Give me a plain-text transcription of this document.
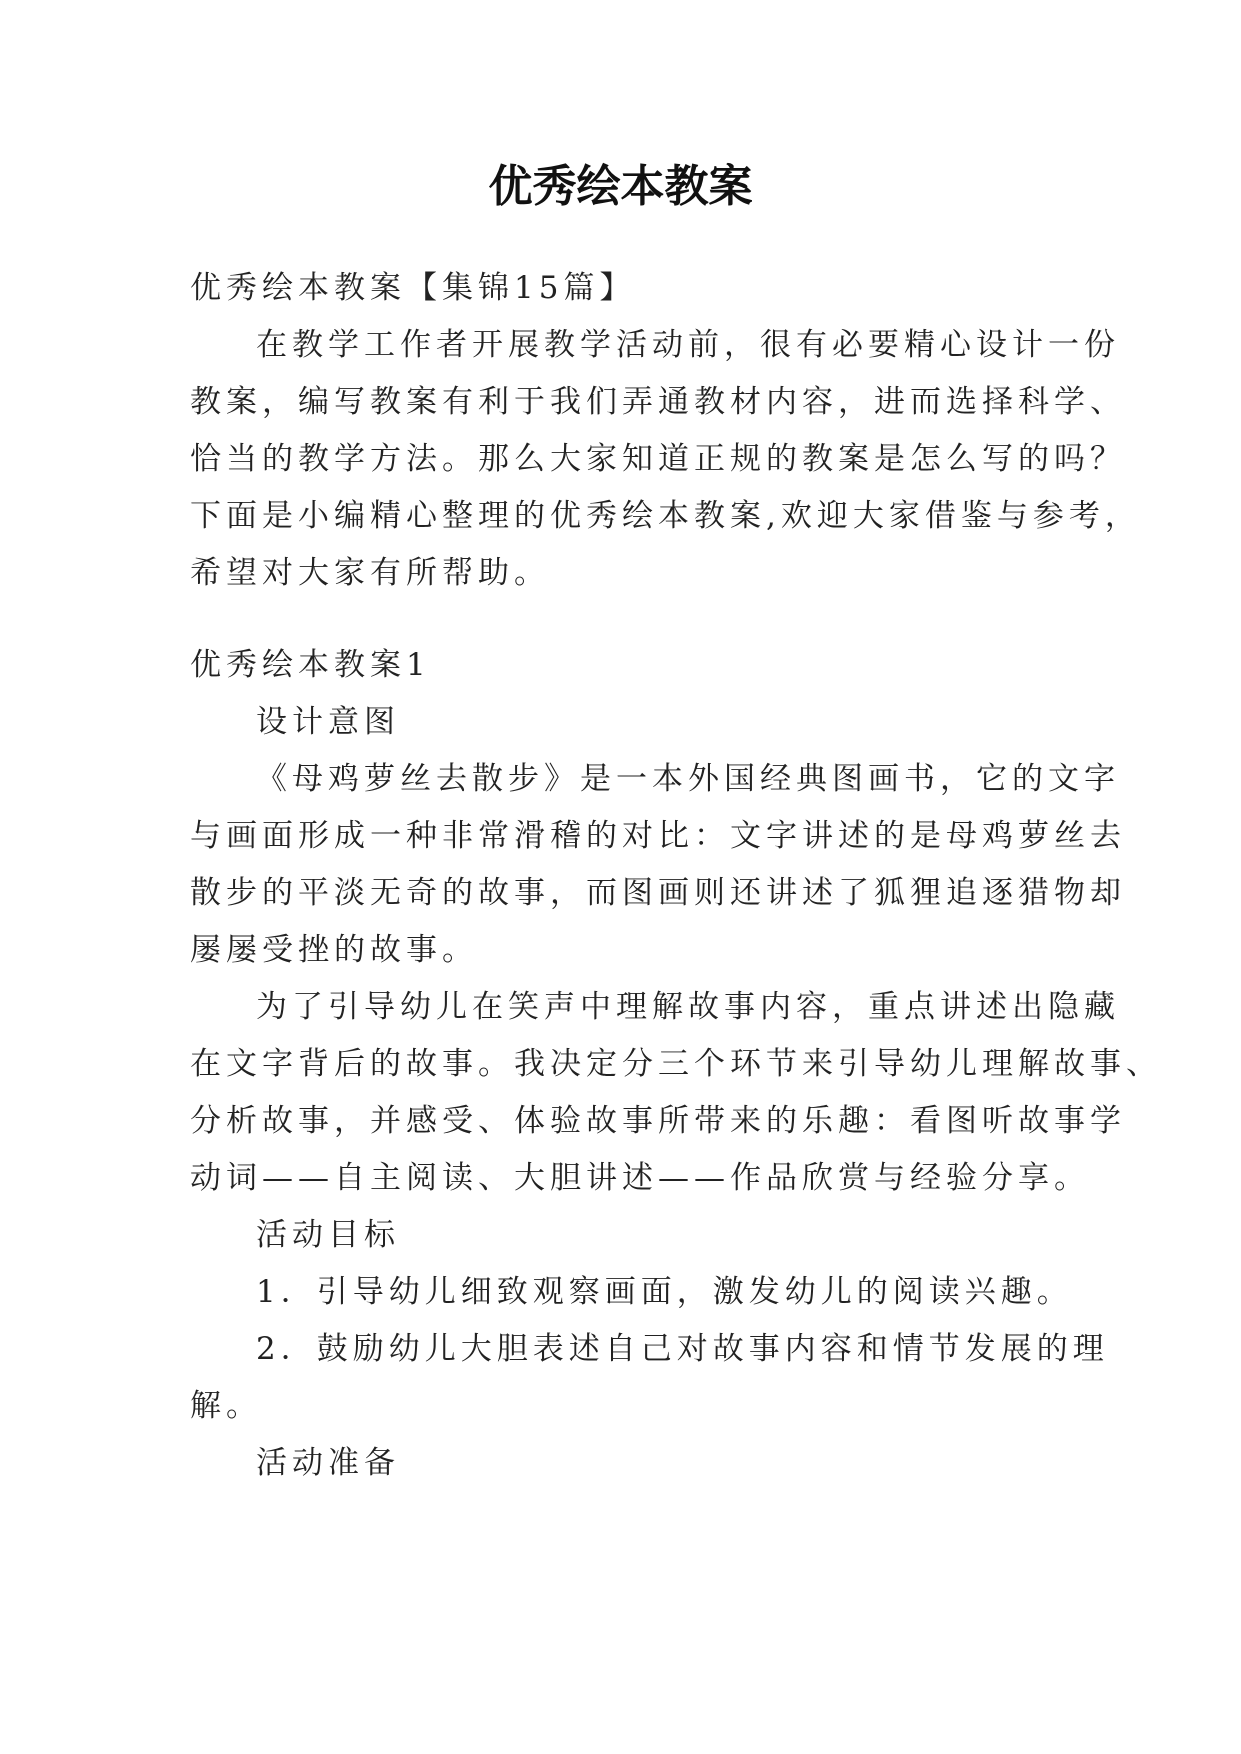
优秀绘本教案
优秀绘本教案【集锦15篇】
在教学工作者开展教学活动前，很有必要精心设计一份
教案，编写教案有利于我们弄通教材内容，进而选择科学、
恰当的教学方法。那么大家知道正规的教案是怎么写的吗？
下面是小编精心整理的优秀绘本教案,欢迎大家借鉴与参考，
希望对大家有所帮助。
优秀绘本教案1
设计意图
《母鸡萝丝去散步》是一本外国经典图画书，它的文字
与画面形成一种非常滑稽的对比：文字讲述的是母鸡萝丝去
散步的平淡无奇的故事，而图画则还讲述了狐狸追逐猎物却
屡屡受挫的故事。
为了引导幼儿在笑声中理解故事内容，重点讲述出隐藏
在文字背后的故事。我决定分三个环节来引导幼儿理解故事、
分析故事，并感受、体验故事所带来的乐趣：看图听故事学
动词——自主阅读、大胆讲述——作品欣赏与经验分享。
活动目标
1．引导幼儿细致观察画面，激发幼儿的阅读兴趣。
2．鼓励幼儿大胆表述自己对故事内容和情节发展的理
解。
活动准备
